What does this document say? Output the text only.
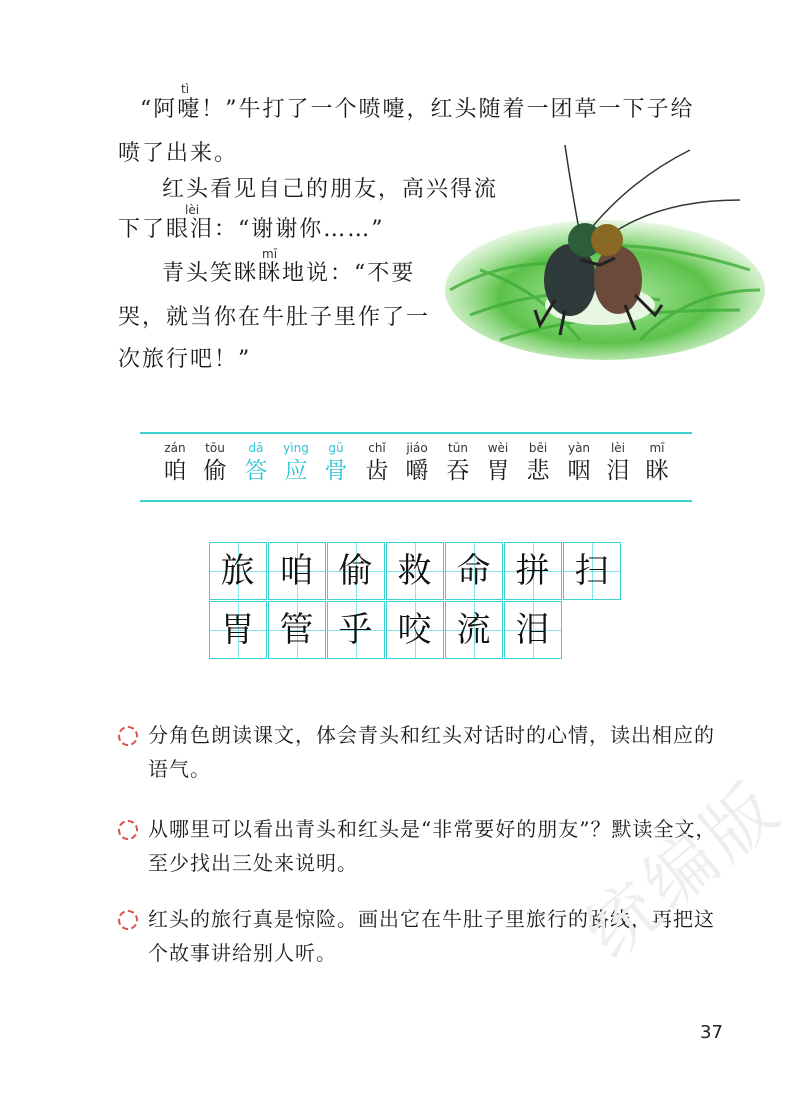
tì

“阿嚏！”牛打了一个喷嚏，红头随着一团草一下子给

喷了出来。

lèi

红头看见自己的朋友，高兴得流

下了眼泪：“谢谢你……”

mī

青头笑眯眯地说：“不要

哭，就当你在牛肚子里作了一

次旅行吧！”

zán
咱
tōu
偷
dā
答
yìng
应
gū
骨
chǐ
齿
jiáo
嚼
tūn
吞
wèi
胃
bēi
悲
yàn
咽
lèi
泪
mī
眯
旅 咱 偷 救 命 拼 扫
胃 管 乎 咬 流 泪
分角色朗读课文，体会青头和红头对话时的心情，读出相应的
语气。
从哪里可以看出青头和红头是“非常要好的朋友”？默读全文，
至少找出三处来说明。
红头的旅行真是惊险。画出它在牛肚子里旅行的路线，再把这
个故事讲给别人听。	统编版
37
